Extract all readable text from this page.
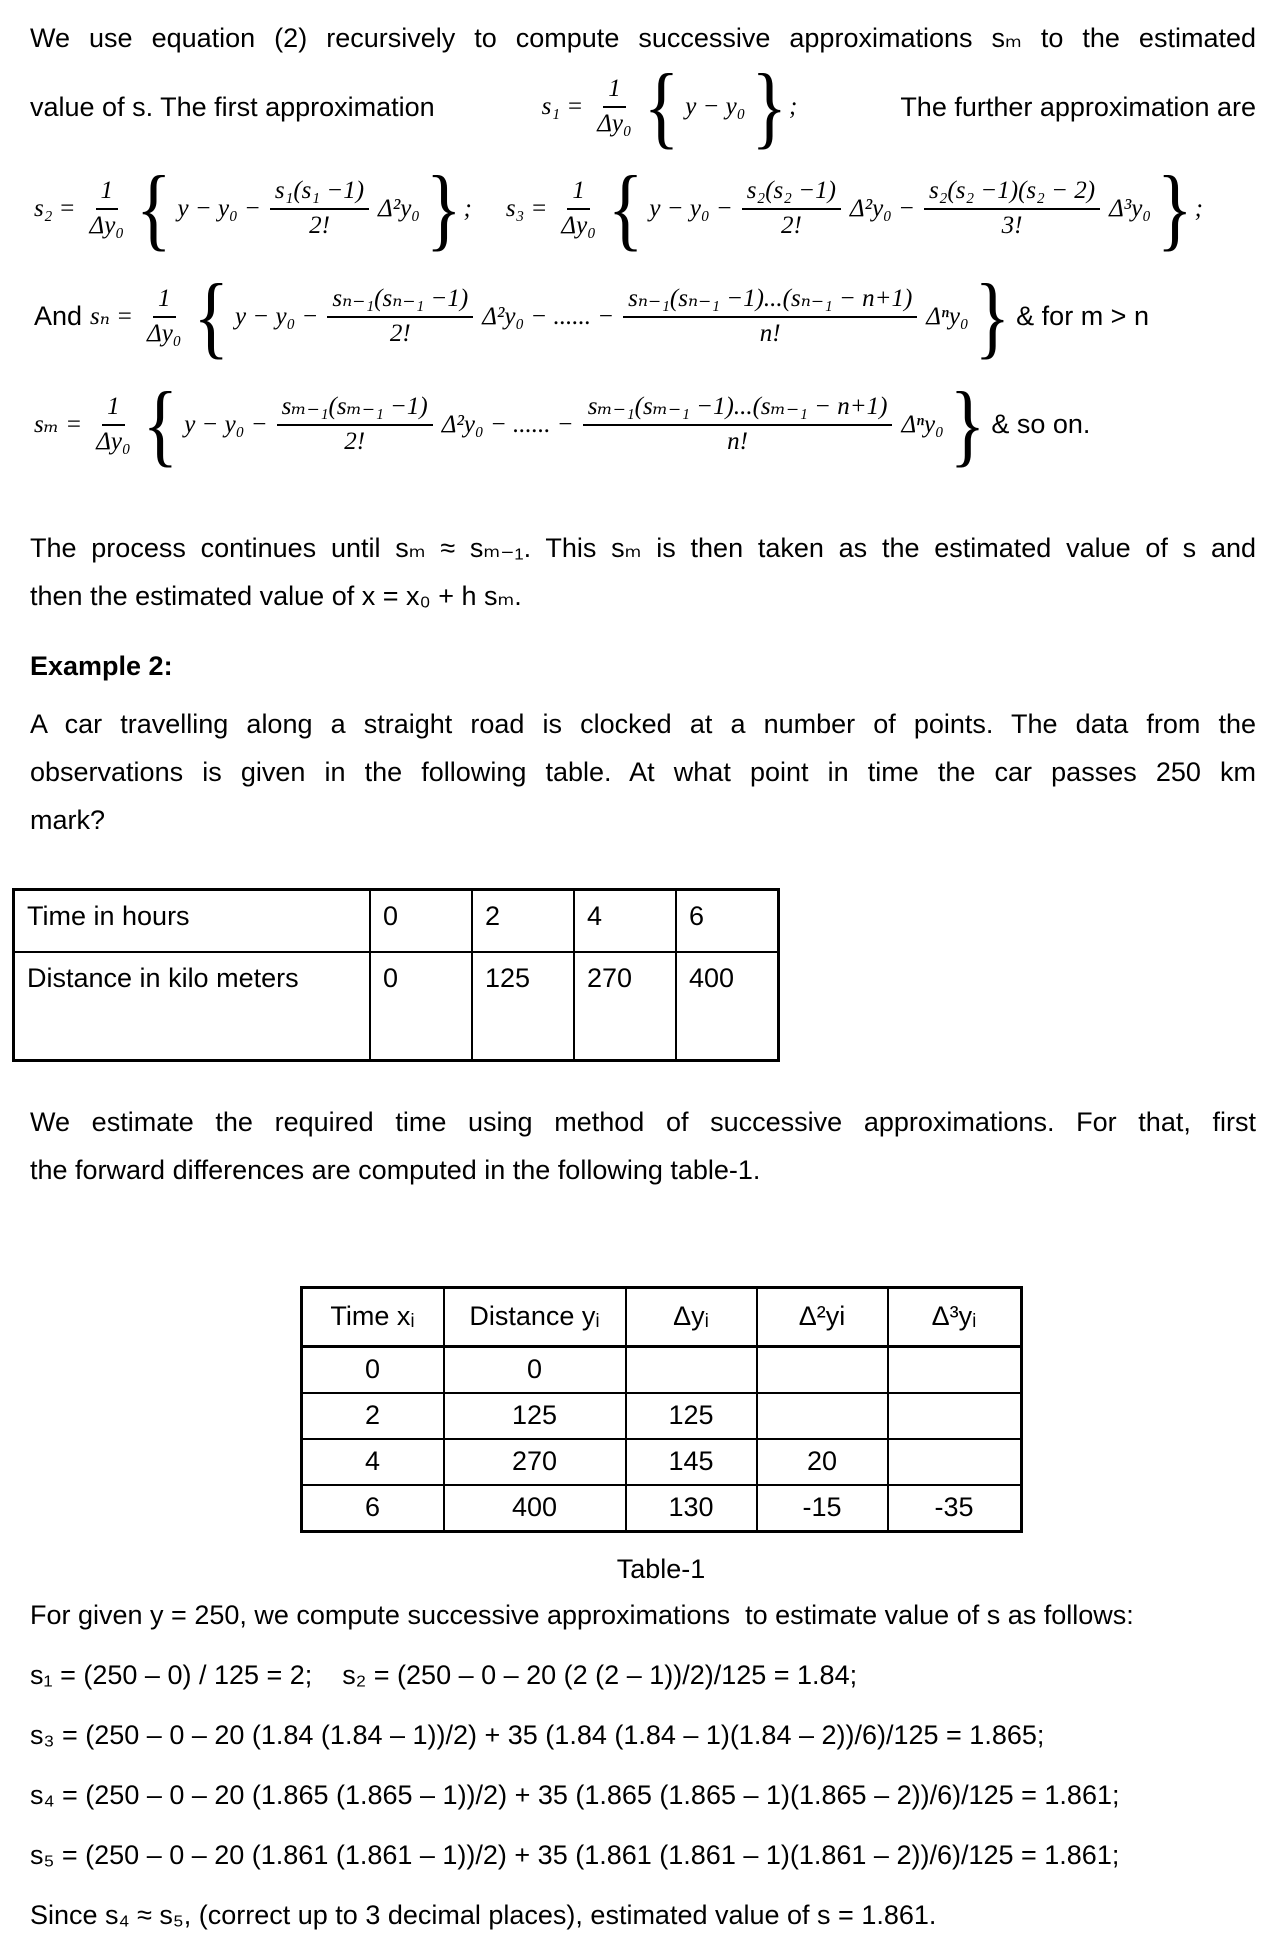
We use equation (2) recursively to compute successive approximations sₘ to the estimated
value of s. The first approximation	$s_1 = \frac{1}{\text{Δy₀}}$ { y − y₀ } ;	The further approximation are
$s_2 = \frac{1}{\text{Δy₀}}$ { $y - y_0 - \frac{\text{s₁(s₁ −1)}}{2!} \Delta^2y_0$ } ; $s_3 = \frac{1}{\text{Δy₀}}$ { $y - y_0 - \frac{\text{s₂(s₂ −1)}}{2!} \Delta^2y_0 - \frac{\text{s₂(s₂ −1)(s₂ − 2)}}{3!} \Delta^3y_0$ } ;
And $s_n = \frac{1}{\text{Δy₀}}$ { $y - y_0 - \frac{\text{sₙ₋₁(sₙ₋₁ −1)}}{2!} \Delta^2y_0$ − ...... − $\frac{\text{sₙ₋₁(sₙ₋₁ −1)...(sₙ₋₁ − n+1)}}{n!} \Delta^ny_0$ } & for m > n
$s_m = \frac{1}{\text{Δy₀}}$ { $y - y_0 - \frac{\text{sₘ₋₁(sₘ₋₁ −1)}}{2!} \Delta^2y_0$ − ...... − $\frac{\text{sₘ₋₁(sₘ₋₁ −1)...(sₘ₋₁ − n+1)}}{n!} \Delta^ny_0$ } & so on.
The process continues until sₘ ≈ sₘ₋₁. This sₘ is then taken as the estimated value of s and
then the estimated value of x = x₀ + h sₘ.
Example 2:
A car travelling along a straight road is clocked at a number of points. The data from the
observations is given in the following table. At what point in time the car passes 250 km
mark?
Time in hours	0	2	4	6
Distance in kilo meters	0	125	270	400
We estimate the required time using method of successive approximations. For that, first
the forward differences are computed in the following table-1.
Time xᵢ	Distance yᵢ	Δyᵢ	Δ²yi	Δ³yᵢ
0	0			
2	125	125		
4	270	145	20	
6	400	130	-15	-35
Table-1
For given y = 250, we compute successive approximations  to estimate value of s as follows:
s₁ = (250 – 0) / 125 = 2;    s₂ = (250 – 0 – 20 (2 (2 – 1))/2)/125 = 1.84;
s₃ = (250 – 0 – 20 (1.84 (1.84 – 1))/2) + 35 (1.84 (1.84 – 1)(1.84 – 2))/6)/125 = 1.865;
s₄ = (250 – 0 – 20 (1.865 (1.865 – 1))/2) + 35 (1.865 (1.865 – 1)(1.865 – 2))/6)/125 = 1.861;
s₅ = (250 – 0 – 20 (1.861 (1.861 – 1))/2) + 35 (1.861 (1.861 – 1)(1.861 – 2))/6)/125 = 1.861;
Since s₄ ≈ s₅, (correct up to 3 decimal places), estimated value of s = 1.861.
